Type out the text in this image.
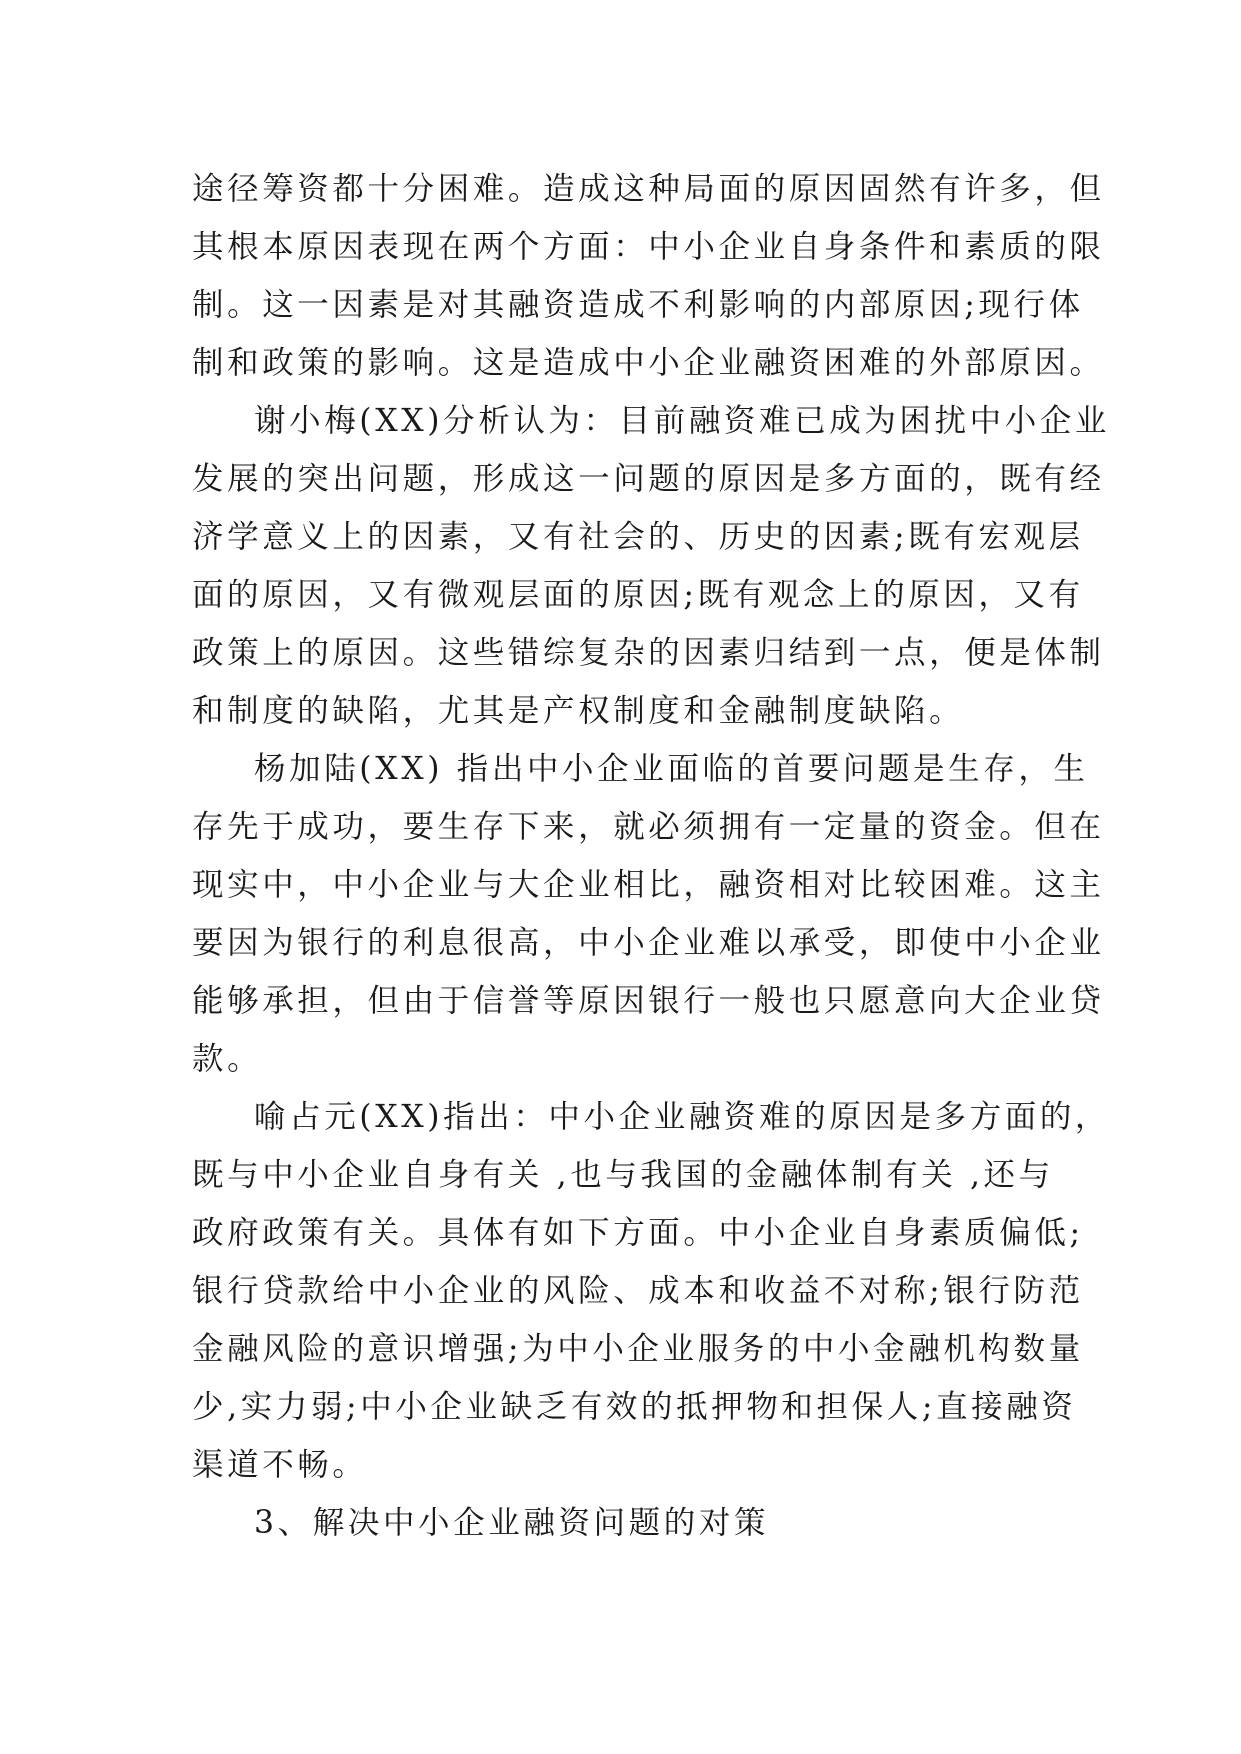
途径筹资都十分困难。造成这种局面的原因固然有许多，但
其根本原因表现在两个方面：中小企业自身条件和素质的限
制。这一因素是对其融资造成不利影响的内部原因;现行体
制和政策的影响。这是造成中小企业融资困难的外部原因。
谢小梅(XX)分析认为：目前融资难已成为困扰中小企业
发展的突出问题，形成这一问题的原因是多方面的，既有经
济学意义上的因素，又有社会的、历史的因素;既有宏观层
面的原因，又有微观层面的原因;既有观念上的原因，又有
政策上的原因。这些错综复杂的因素归结到一点，便是体制
和制度的缺陷，尤其是产权制度和金融制度缺陷。
杨加陆(XX) 指出中小企业面临的首要问题是生存，生
存先于成功，要生存下来，就必须拥有一定量的资金。但在
现实中，中小企业与大企业相比，融资相对比较困难。这主
要因为银行的利息很高，中小企业难以承受，即使中小企业
能够承担，但由于信誉等原因银行一般也只愿意向大企业贷
款。
喻占元(XX)指出：中小企业融资难的原因是多方面的，
既与中小企业自身有关 ,也与我国的金融体制有关 ,还与
政府政策有关。具体有如下方面。中小企业自身素质偏低;
银行贷款给中小企业的风险、成本和收益不对称;银行防范
金融风险的意识增强;为中小企业服务的中小金融机构数量
少,实力弱;中小企业缺乏有效的抵押物和担保人;直接融资
渠道不畅。
3、解决中小企业融资问题的对策
